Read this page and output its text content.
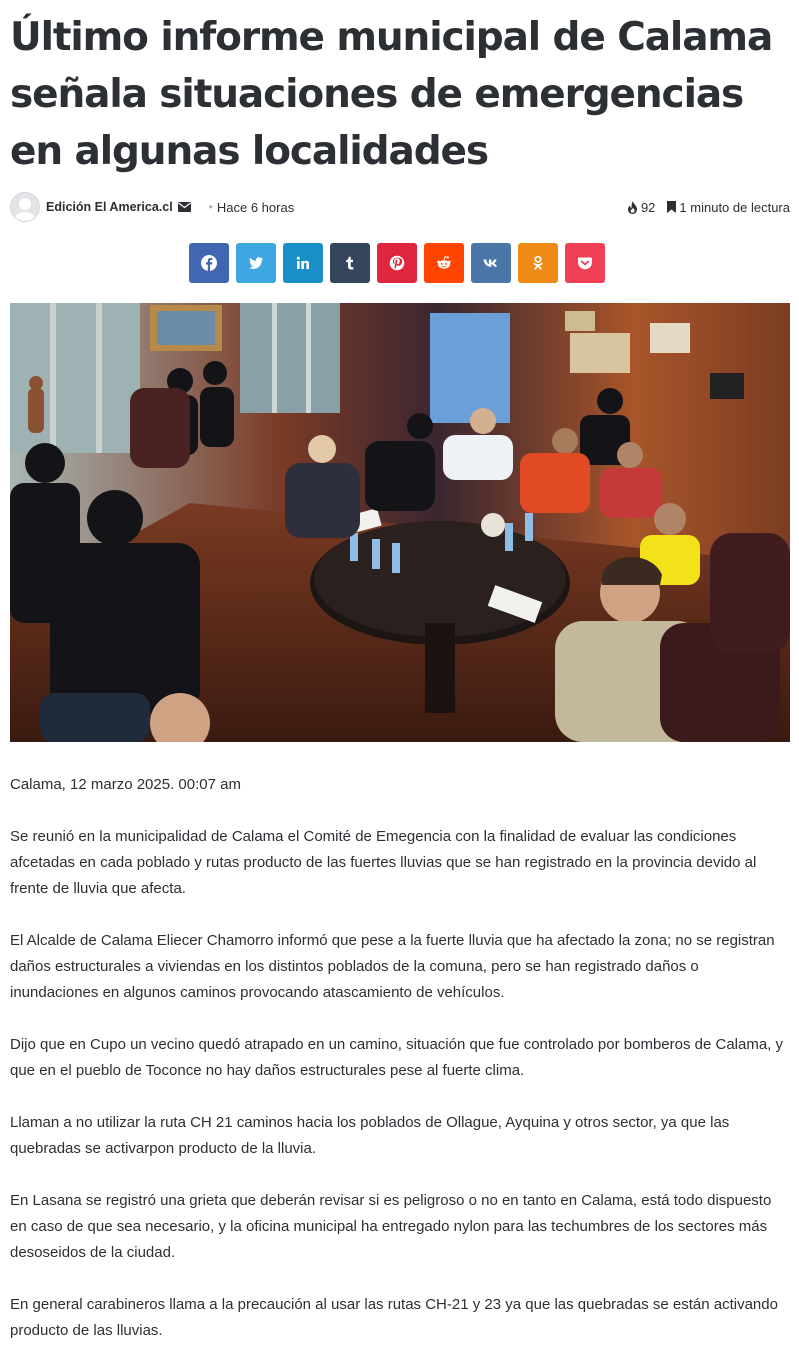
Último informe municipal de Calama señala situaciones de emergencias en algunas localidades
Edición El America.cl	• Hace 6 horas	92 1 minuto de lectura

Calama, 12 marzo 2025. 00:07 am

Se reunió en la municipalidad de Calama el Comité de Emegencia con la finalidad de evaluar las condiciones afcetadas en cada poblado y rutas producto de las fuertes lluvias que se han registrado en la provincia devido al frente de lluvia que afecta.

El Alcalde de Calama Eliecer Chamorro informó que pese a la fuerte lluvia que ha afectado la zona; no se registran daños estructurales a viviendas en los distintos poblados de la comuna, pero se han registrado daños o inundaciones en algunos caminos provocando atascamiento de vehículos.

Dijo que en Cupo un vecino quedó atrapado en un camino, situación que fue controlado por bomberos de Calama, y que en el pueblo de Toconce no hay daños estructurales pese al fuerte clima.

Llaman a no utilizar la ruta CH 21 caminos hacia los poblados de Ollague, Ayquina y otros sector, ya que las quebradas se activarpon producto de la lluvia.

En Lasana se registró una grieta que deberán revisar si es peligroso o no en tanto en Calama, está todo dispuesto en caso de que sea necesario, y la oficina municipal ha entregado nylon para las techumbres de los sectores más desoseidos de la ciudad.

En general carabineros llama a la precaución al usar las rutas CH-21 y 23 ya que las quebradas se están activando producto de las lluvias.
